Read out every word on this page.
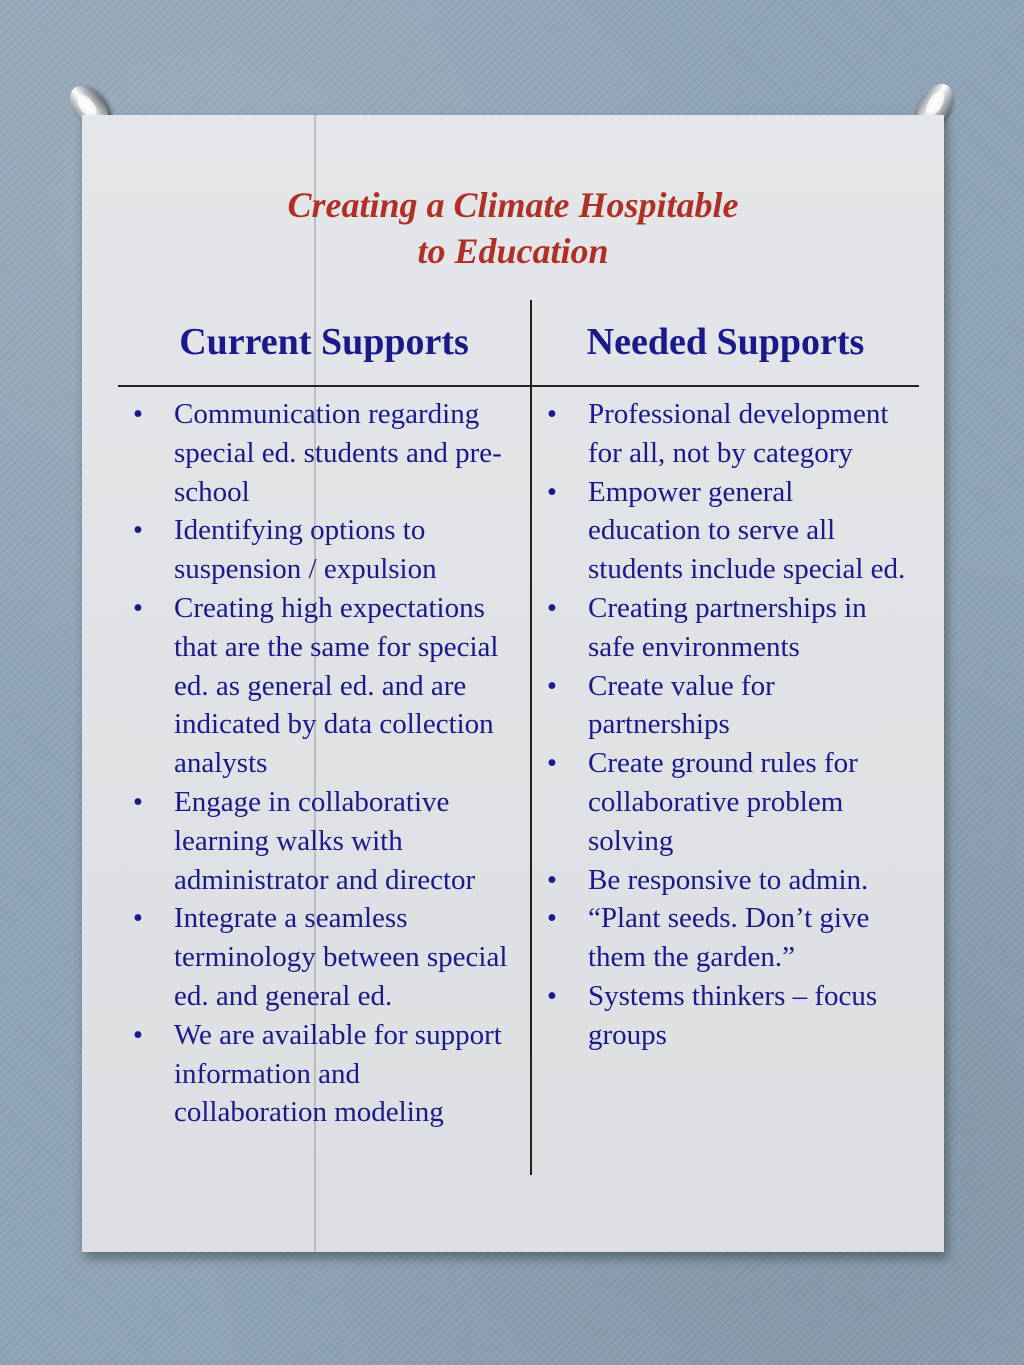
Creating a Climate Hospitable
to Education
Current Supports	Needed Supports
• Communication regarding special ed. students and pre-school
• Identifying options to suspension / expulsion
• Creating high expectations that are the same for special ed. as general ed. and are indicated by data collection analysts
• Engage in collaborative learning walks with administrator and director
• Integrate a seamless terminology between special ed. and general ed.
• We are available for support information and collaboration modeling
• Professional development for all, not by category
• Empower general education to serve all students include special ed.
• Creating partnerships in safe environments
• Create value for partnerships
• Create ground rules for collaborative problem solving
• Be responsive to admin.
• “Plant seeds. Don’t give them the garden.”
• Systems thinkers – focus groups
